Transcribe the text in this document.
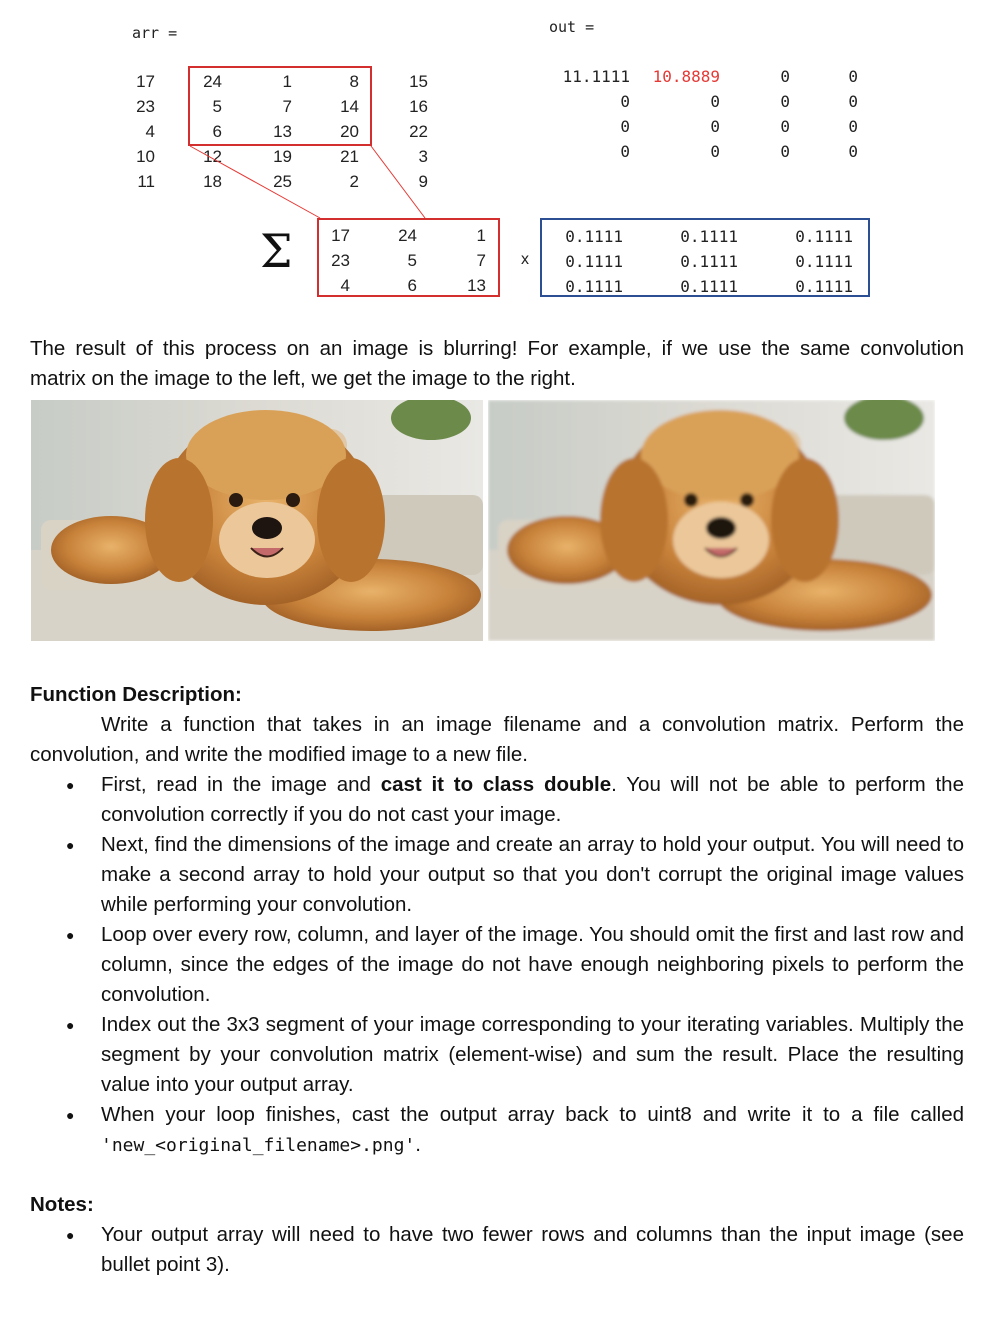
arr =	out =
17	24	1	8	15
23	5	7	14	16
4	6	13	20	22
10	12	19	21	3
11	18	25	2	9
Σ	17	24	1
23	5	7
4	6	13
x
0.1111	0.1111	0.1111
0.1111	0.1111	0.1111
0.1111	0.1111	0.1111
11.1111	10.8889	0	0
0	0	0	0
0	0	0	0
0	0	0	0
The result of this process on an image is blurring! For example, if we use the same convolution
matrix on the image to the left, we get the image to the right.
Function Description:
Write a function that takes in an image filename and a convolution matrix. Perform the
convolution, and write the modified image to a new file.
● First, read in the image and cast it to class double. You will not be able to perform the convolution correctly if you do not cast your image.
● Next, find the dimensions of the image and create an array to hold your output. You will need to make a second array to hold your output so that you don't corrupt the original image values while performing your convolution.
● Loop over every row, column, and layer of the image. You should omit the first and last row and column, since the edges of the image do not have enough neighboring pixels to perform the convolution.
● Index out the 3x3 segment of your image corresponding to your iterating variables. Multiply the segment by your convolution matrix (element-wise) and sum the result. Place the resulting value into your output array.
● When your loop finishes, cast the output array back to uint8 and write it to a file called 'new_<original_filename>.png'.
Notes:
● Your output array will need to have two fewer rows and columns than the input image (see bullet point 3).
